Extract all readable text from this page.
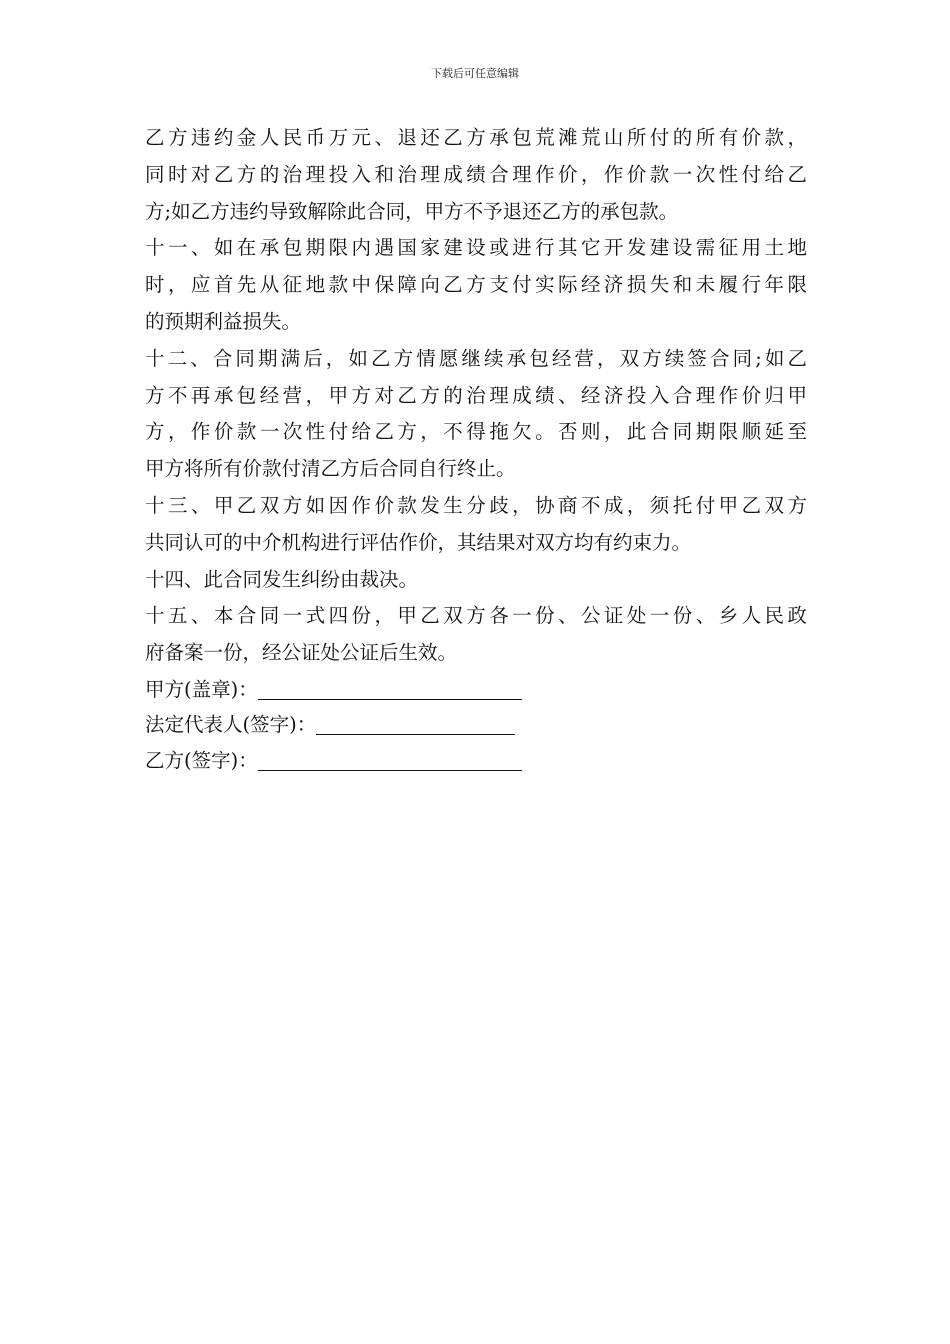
下载后可任意编辑
乙方违约金人民币万元、退还乙方承包荒滩荒山所付的所有价款，
同时对乙方的治理投入和治理成绩合理作价，作价款一次性付给乙
方;如乙方违约导致解除此合同，甲方不予退还乙方的承包款。
十一、如在承包期限内遇国家建设或进行其它开发建设需征用土地
时，应首先从征地款中保障向乙方支付实际经济损失和未履行年限
的预期利益损失。
十二、合同期满后，如乙方情愿继续承包经营，双方续签合同;如乙
方不再承包经营，甲方对乙方的治理成绩、经济投入合理作价归甲
方，作价款一次性付给乙方，不得拖欠。否则，此合同期限顺延至
甲方将所有价款付清乙方后合同自行终止。
十三、甲乙双方如因作价款发生分歧，协商不成，须托付甲乙双方
共同认可的中介机构进行评估作价，其结果对双方均有约束力。
十四、此合同发生纠纷由裁决。
十五、本合同一式四份，甲乙双方各一份、公证处一份、乡人民政
府备案一份，经公证处公证后生效。
甲方(盖章)：
法定代表人(签字)：
乙方(签字)：
